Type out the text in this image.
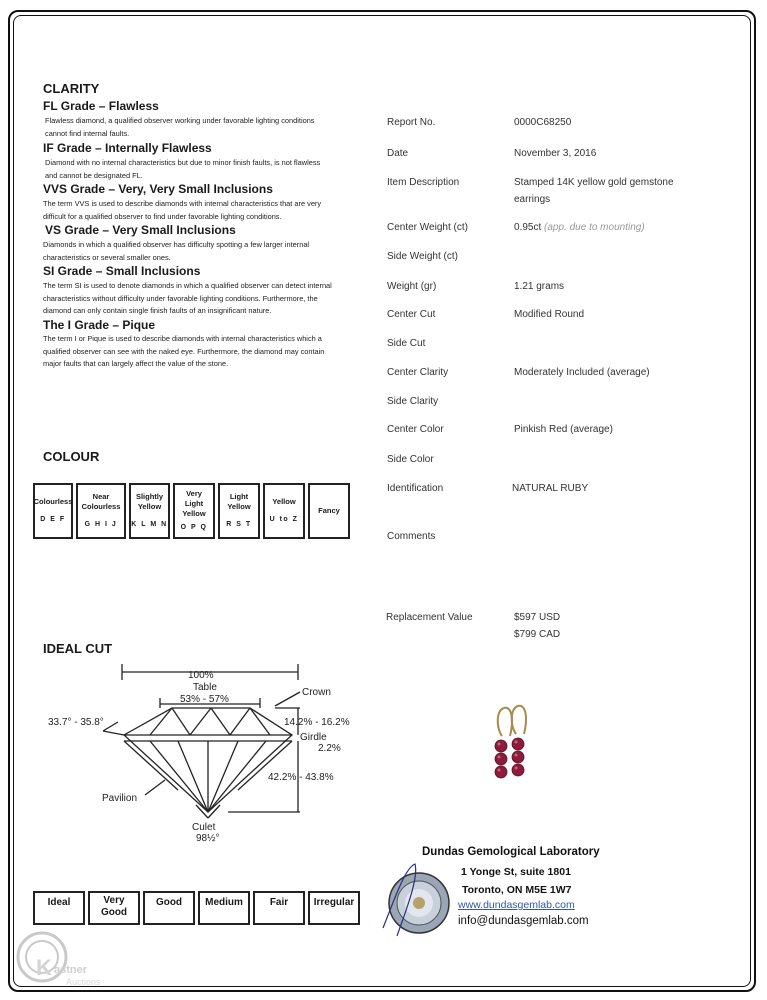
CLARITY
FL Grade – Flawless
Flawless diamond, a qualified observer working under favorable lighting conditions
cannot find internal faults.
IF Grade – Internally Flawless
Diamond with no internal characteristics but due to minor finish faults, is not flawless
and cannot be designated FL.
VVS Grade – Very, Very Small Inclusions
The term VVS is used to describe diamonds with internal characteristics that are very
difficult for a qualified observer to find under favorable lighting conditions.
VS Grade – Very Small Inclusions
Diamonds in which a qualified observer has difficulty spotting a few larger internal
characteristics or several smaller ones.
SI Grade – Small Inclusions
The term SI is used to denote diamonds in which a qualified observer can detect internal
characteristics without difficulty under favorable lighting conditions. Furthermore, the
diamond can only contain single finish faults of an insignificant nature.
The I Grade – Pique
The term I or Pique is used to describe diamonds with internal characteristics which a
qualified observer can see with the naked eye. Furthermore, the diamond may contain
major faults that can largely affect the value of the stone.
COLOUR
Colourless
D E F
Near Colourless
G H I J
Slightly Yellow
K L M N
Very Light Yellow
O P Q
Light Yellow
R S T
Yellow
U to Z
Fancy
IDEAL CUT
100%
Table
53% - 57%
Crown
33.7° - 35.8°	14.2% - 16.2%
Girdle
2.2%
42.2% - 43.8%
Pavilion
Culet
98½°
Ideal	Very Good
Good	Medium	Fair	Irregular
K astner
Auctions
Report No.	0000C68250
Date	November 3, 2016
Item Description	Stamped 14K yellow gold gemstone
earrings
Center Weight (ct)	0.95ct (app. due to mounting)
Side Weight (ct)
Weight (gr)	1.21 grams
Center Cut	Modified Round
Side Cut
Center Clarity	Moderately Included (average)
Side Clarity
Center Color	Pinkish Red (average)
Side Color
Identification	NATURAL RUBY
Comments
Replacement Value	$597 USD
$799 CAD
Dundas Gemological Laboratory
1 Yonge St, suite 1801
Toronto, ON M5E 1W7
www.dundasgemlab.com
info@dundasgemlab.com
